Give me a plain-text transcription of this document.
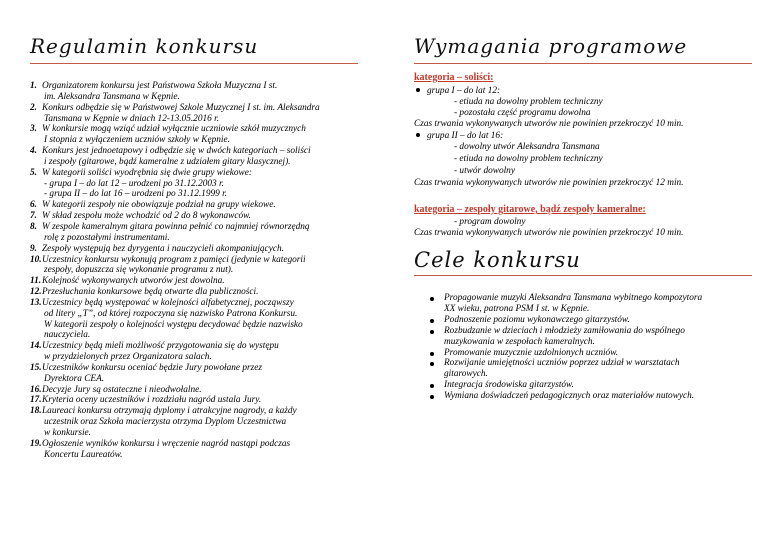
Regulamin konkursu
1. Organizatorem konkursu jest Państwowa Szkoła Muzyczna I st.
im. Aleksandra Tansmana w Kępnie.
2. Konkurs odbędzie się w Państwowej Szkole Muzycznej I st. im. Aleksandra
Tansmana w Kępnie w dniach 12-13.05.2016 r.
3. W konkursie mogą wziąć udział wyłącznie uczniowie szkół muzycznych
I stopnia z wyłączeniem uczniów szkoły w Kępnie.
4. Konkurs jest jednoetapowy i odbędzie się w dwóch kategoriach – soliści
i zespoły (gitarowe, bądź kameralne z udziałem gitary klasycznej).
5. W kategorii soliści wyodrębnia się dwie grupy wiekowe:
- grupa I – do lat 12 – urodzeni po 31.12.2003 r.
- grupa II – do lat 16 – urodzeni po 31.12.1999 r.
6. W kategorii zespoły nie obowiązuje podział na grupy wiekowe.
7. W skład zespołu może wchodzić od 2 do 8 wykonawców.
8. W zespole kameralnym gitara powinna pełnić co najmniej równorzędną
rolę z pozostałymi instrumentami.
9. Zespoły występują bez dyrygenta i nauczycieli akompaniujących.
10. Uczestnicy konkursu wykonują program z pamięci (jedynie w kategorii
zespoły, dopuszcza się wykonanie programu z nut).
11. Kolejność wykonywanych utworów jest dowolna.
12. Przesłuchania konkursowe będą otwarte dla publiczności.
13. Uczestnicy będą występować w kolejności alfabetycznej, począwszy
od litery „T”, od której rozpoczyna się nazwisko Patrona Konkursu.
W kategorii zespoły o kolejności występu decydować będzie nazwisko
nauczyciela.
14. Uczestnicy będą mieli możliwość przygotowania się do występu
w przydzielonych przez Organizatora salach.
15. Uczestników konkursu oceniać będzie Jury powołane przez
Dyrektora CEA.
16. Decyzje Jury są ostateczne i nieodwołalne.
17. Kryteria oceny uczestników i rozdziału nagród ustala Jury.
18. Laureaci konkursu otrzymają dyplomy i atrakcyjne nagrody, a każdy
uczestnik oraz Szkoła macierzysta otrzyma Dyplom Uczestnictwa
w konkursie.
19. Ogłoszenie wyników konkursu i wręczenie nagród nastąpi podczas
Koncertu Laureatów.
Wymagania programowe
kategoria – soliści:
grupa I – do lat 12:
- etiuda na dowolny problem techniczny
- pozostała część programu dowolna
Czas trwania wykonywanych utworów nie powinien przekroczyć 10 min.
grupa II – do lat 16:
- dowolny utwór Aleksandra Tansmana
- etiuda na dowolny problem techniczny
- utwór dowolny
Czas trwania wykonywanych utworów nie powinien przekroczyć 12 min.
kategoria – zespoły gitarowe, bądź zespoły kameralne:
- program dowolny
Czas trwania wykonywanych utworów nie powinien przekroczyć 10 min.
Cele konkursu
Propagowanie muzyki Aleksandra Tansmana wybitnego kompozytora
XX wieku, patrona PSM I st. w Kępnie.
Podnoszenie poziomu wykonawczego gitarzystów.
Rozbudzanie w dzieciach i młodzieży zamiłowania do wspólnego
muzykowania w zespołach kameralnych.
Promowanie muzycznie uzdolnionych uczniów.
Rozwijanie umiejętności uczniów poprzez udział w warsztatach
gitarowych.
Integracja środowiska gitarzystów.
Wymiana doświadczeń pedagogicznych oraz materiałów nutowych.
